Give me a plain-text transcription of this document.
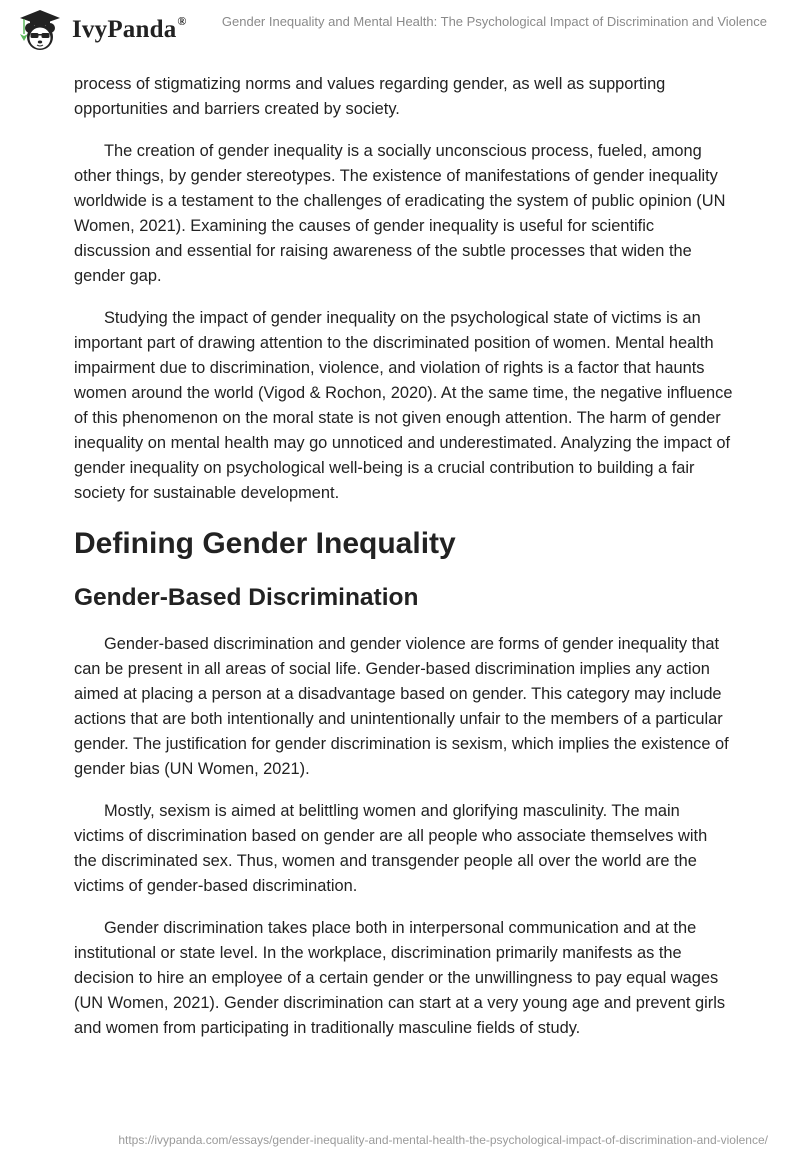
IvyPanda®	Gender Inequality and Mental Health: The Psychological Impact of Discrimination and Violence

process of stigmatizing norms and values regarding gender, as well as supporting opportunities and barriers created by society.

The creation of gender inequality is a socially unconscious process, fueled, among other things, by gender stereotypes. The existence of manifestations of gender inequality worldwide is a testament to the challenges of eradicating the system of public opinion (UN Women, 2021). Examining the causes of gender inequality is useful for scientific discussion and essential for raising awareness of the subtle processes that widen the gender gap.

Studying the impact of gender inequality on the psychological state of victims is an important part of drawing attention to the discriminated position of women. Mental health impairment due to discrimination, violence, and violation of rights is a factor that haunts women around the world (Vigod & Rochon, 2020). At the same time, the negative influence of this phenomenon on the moral state is not given enough attention. The harm of gender inequality on mental health may go unnoticed and underestimated. Analyzing the impact of gender inequality on psychological well-being is a crucial contribution to building a fair society for sustainable development.

Defining Gender Inequality
Gender-Based Discrimination

Gender-based discrimination and gender violence are forms of gender inequality that can be present in all areas of social life. Gender-based discrimination implies any action aimed at placing a person at a disadvantage based on gender. This category may include actions that are both intentionally and unintentionally unfair to the members of a particular gender. The justification for gender discrimination is sexism, which implies the existence of gender bias (UN Women, 2021).

Mostly, sexism is aimed at belittling women and glorifying masculinity. The main victims of discrimination based on gender are all people who associate themselves with the discriminated sex. Thus, women and transgender people all over the world are the victims of gender-based discrimination.

Gender discrimination takes place both in interpersonal communication and at the institutional or state level. In the workplace, discrimination primarily manifests as the decision to hire an employee of a certain gender or the unwillingness to pay equal wages (UN Women, 2021). Gender discrimination can start at a very young age and prevent girls and women from participating in traditionally masculine fields of study.

https://ivypanda.com/essays/gender-inequality-and-mental-health-the-psychological-impact-of-discrimination-and-violence/
